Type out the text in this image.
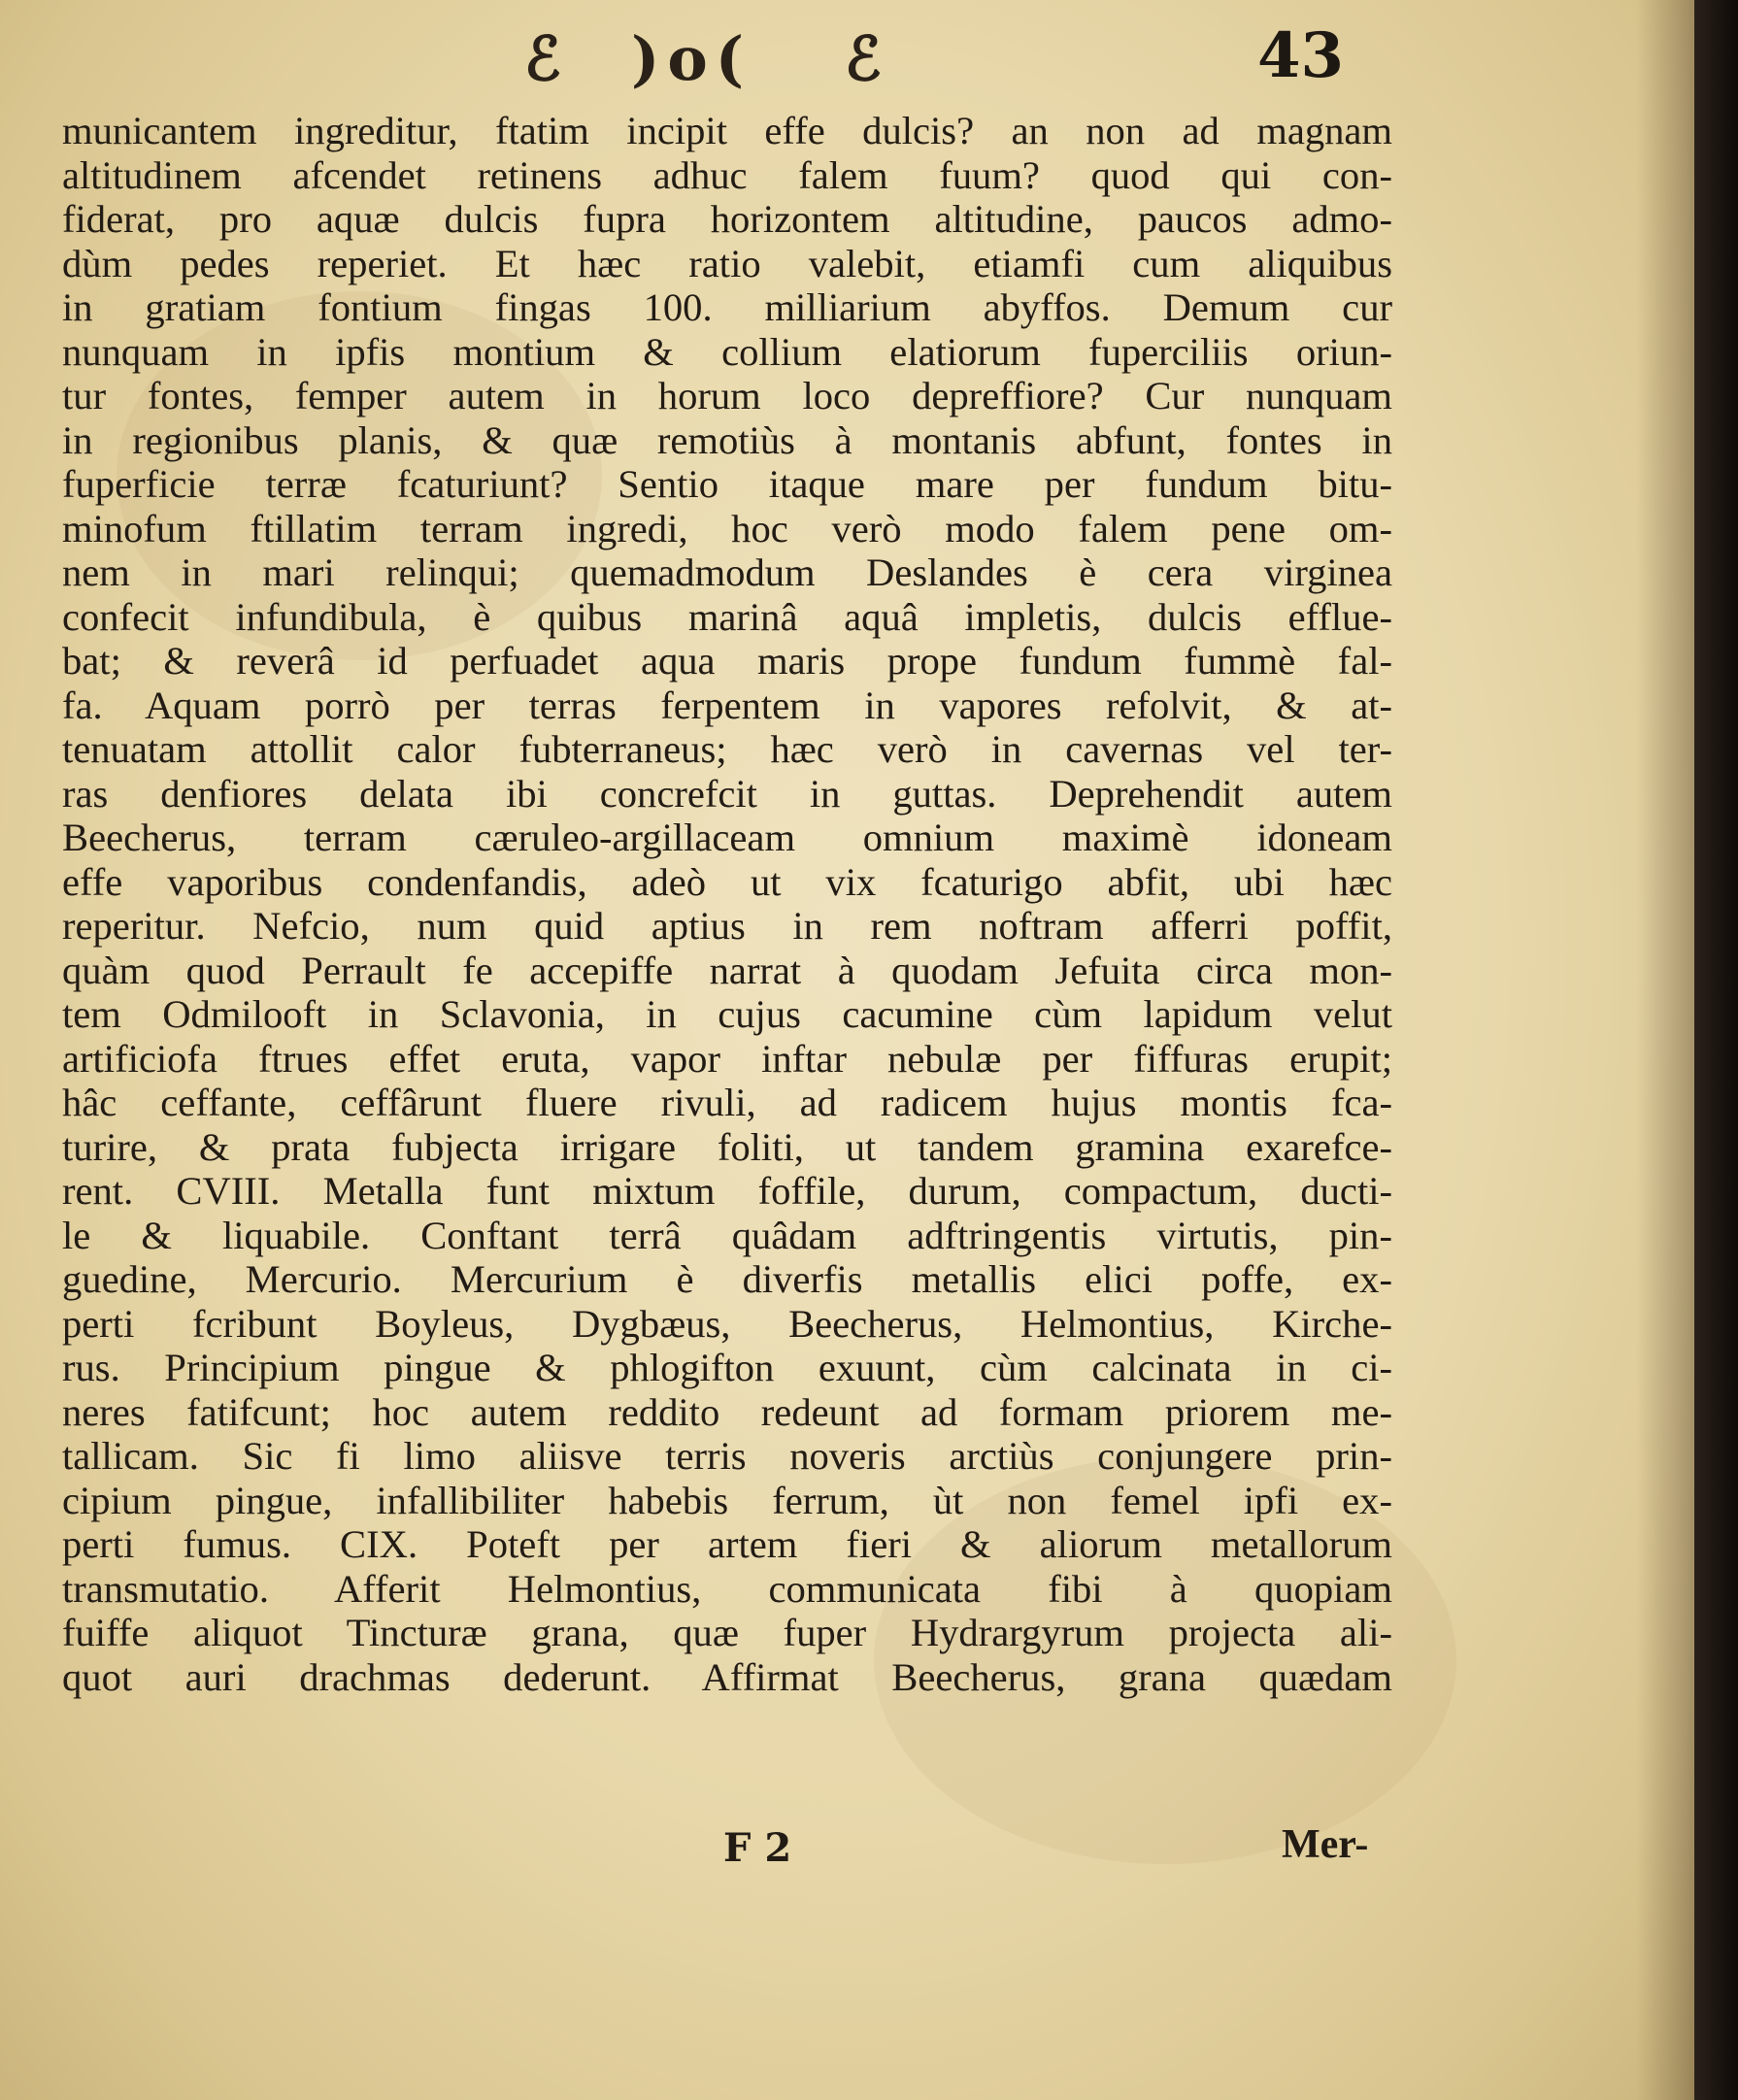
ℰ )o( ℰ	43
municantem ingreditur, ftatim incipit effe dulcis? an non ad magnam
altitudinem afcendet retinens adhuc falem fuum? quod qui con-
fiderat, pro aquæ dulcis fupra horizontem altitudine, paucos admo-
dùm pedes reperiet. Et hæc ratio valebit, etiamfi cum aliquibus
in gratiam fontium fingas 100. milliarium abyffos. Demum cur
nunquam in ipfis montium & collium elatiorum fuperciliis oriun-
tur fontes, femper autem in horum loco depreffiore? Cur nunquam
in regionibus planis, & quæ remotiùs à montanis abfunt, fontes in
fuperficie terræ fcaturiunt? Sentio itaque mare per fundum bitu-
minofum ftillatim terram ingredi, hoc verò modo falem pene om-
nem in mari relinqui; quemadmodum Deslandes è cera virginea
confecit infundibula, è quibus marinâ aquâ impletis, dulcis efflue-
bat; & reverâ id perfuadet aqua maris prope fundum fummè fal-
fa. Aquam porrò per terras ferpentem in vapores refolvit, & at-
tenuatam attollit calor fubterraneus; hæc verò in cavernas vel ter-
ras denfiores delata ibi concrefcit in guttas. Deprehendit autem
Beecherus, terram cæruleo-argillaceam omnium maximè idoneam
effe vaporibus condenfandis, adeò ut vix fcaturigo abfit, ubi hæc
reperitur. Nefcio, num quid aptius in rem noftram afferri poffit,
quàm quod Perrault fe accepiffe narrat à quodam Jefuita circa mon-
tem Odmilooft in Sclavonia, in cujus cacumine cùm lapidum velut
artificiofa ftrues effet eruta, vapor inftar nebulæ per fiffuras erupit;
hâc ceffante, ceffârunt fluere rivuli, ad radicem hujus montis fca-
turire, & prata fubjecta irrigare foliti, ut tandem gramina exarefce-
rent. CVIII. Metalla funt mixtum foffile, durum, compactum, ducti-
le & liquabile. Conftant terrâ quâdam adftringentis virtutis, pin-
guedine, Mercurio. Mercurium è diverfis metallis elici poffe, ex-
perti fcribunt Boyleus, Dygbæus, Beecherus, Helmontius, Kirche-
rus. Principium pingue & phlogifton exuunt, cùm calcinata in ci-
neres fatifcunt; hoc autem reddito redeunt ad formam priorem me-
tallicam. Sic fi limo aliisve terris noveris arctiùs conjungere prin-
cipium pingue, infallibiliter habebis ferrum, ùt non femel ipfi ex-
perti fumus. CIX. Poteft per artem fieri & aliorum metallorum
transmutatio. Afferit Helmontius, communicata fibi à quopiam
fuiffe aliquot Tincturæ grana, quæ fuper Hydrargyrum projecta ali-
quot auri drachmas dederunt. Affirmat Beecherus, grana quædam
F 2	Mer-
